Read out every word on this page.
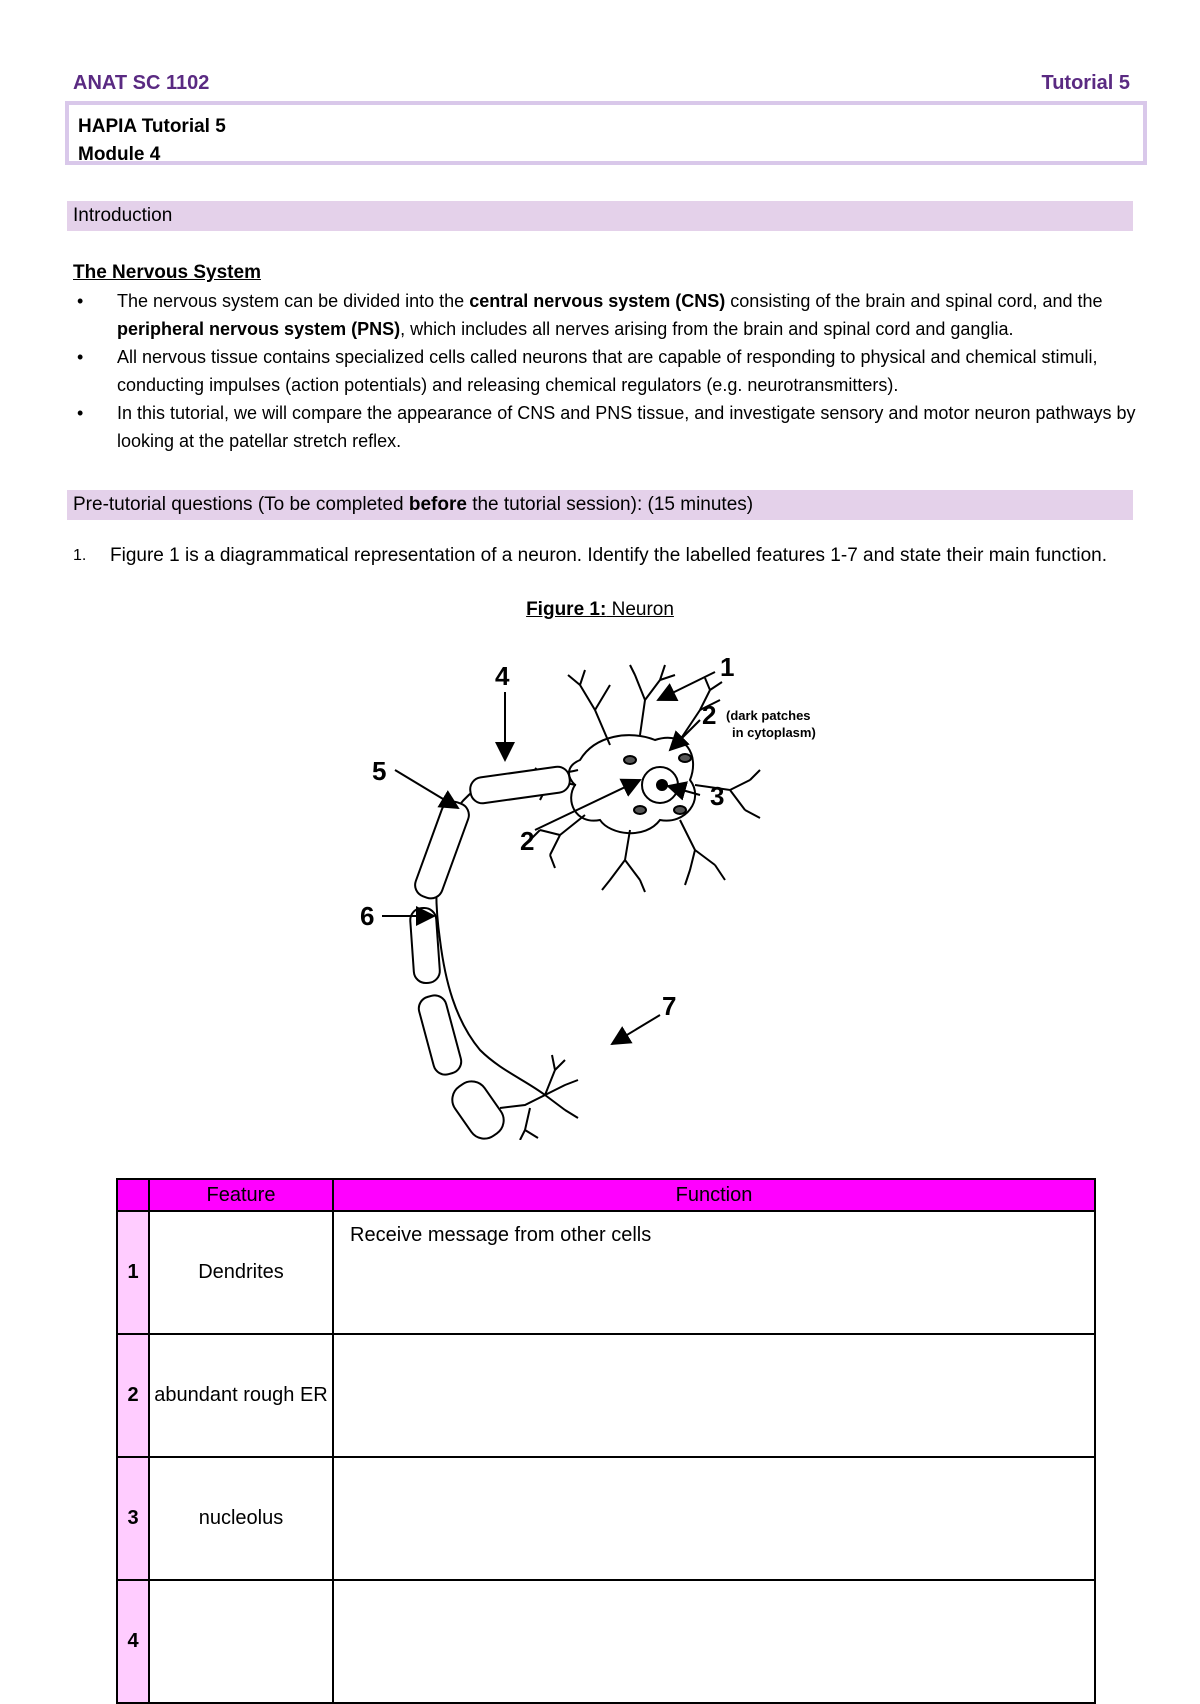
ANAT SC 1102	Tutorial 5
HAPIA Tutorial 5
Module 4
Introduction
The Nervous System
• The nervous system can be divided into the central nervous system (CNS) consisting of the brain and spinal cord, and the peripheral nervous system (PNS), which includes all nerves arising from the brain and spinal cord and ganglia.
• All nervous tissue contains specialized cells called neurons that are capable of responding to physical and chemical stimuli, conducting impulses (action potentials) and releasing chemical regulators (e.g. neurotransmitters).
• In this tutorial, we will compare the appearance of CNS and PNS tissue, and investigate sensory and motor neuron pathways by looking at the patellar stretch reflex.
Pre-tutorial questions (To be completed before the tutorial session): (15 minutes)
1.	Figure 1 is a diagrammatical representation of a neuron. Identify the labelled features 1-7 and state their main function.
Figure 1: Neuron
1
2 (dark patches
in cytoplasm)
3
4
5
2
6
7
	Feature	Function
1	Dendrites	Receive message from other cells
2	abundant rough ER	
3	nucleolus	
4		
